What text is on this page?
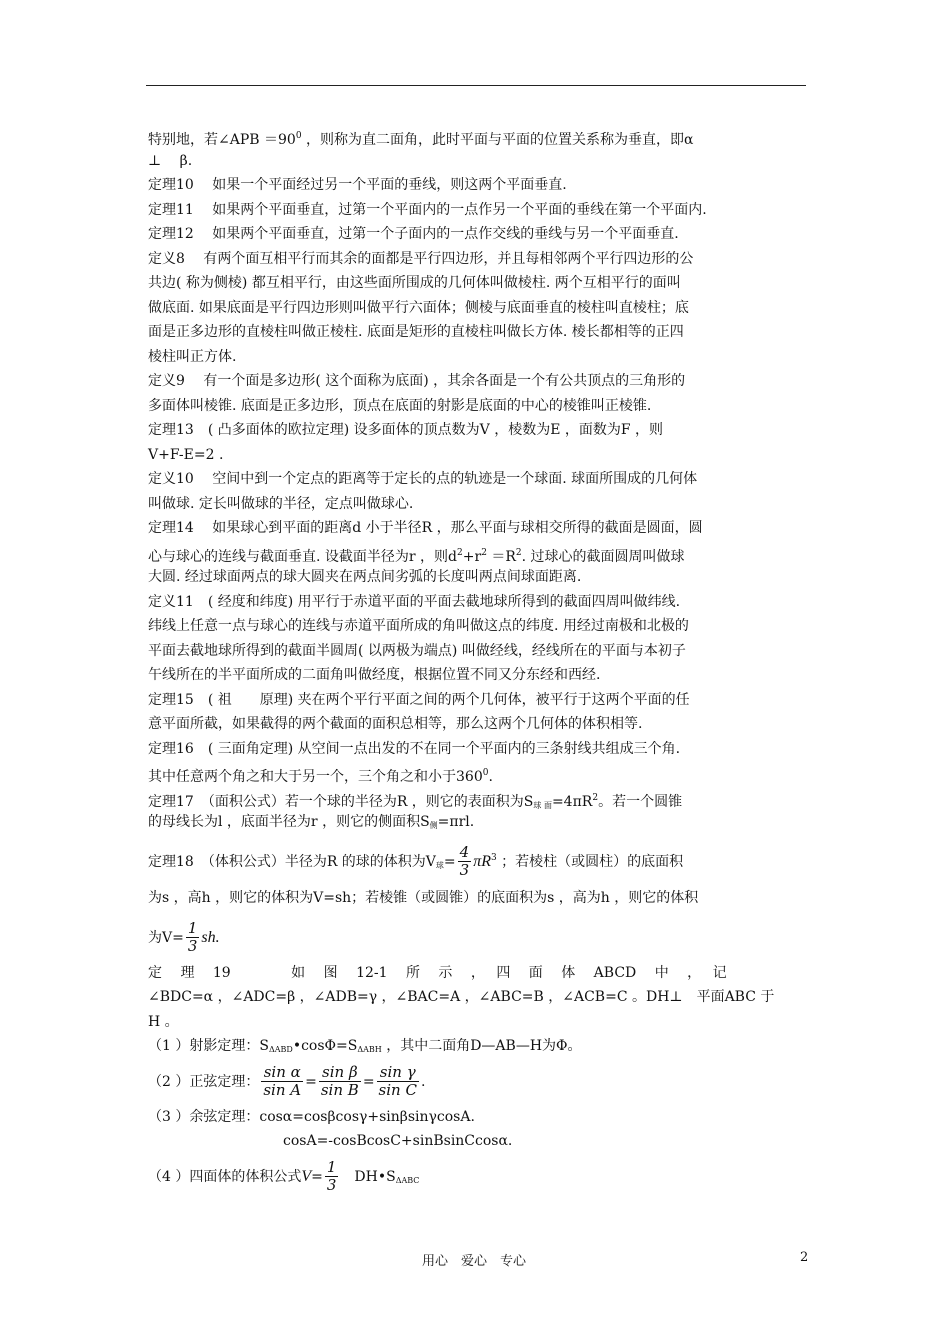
特别地，若∠APB $=90^0$ ，则称为直二面角，此时平面与平面的位置关系称为垂直，即α
⊥　 β.
定理10　 如果一个平面经过另一个平面的垂线，则这两个平面垂直.
定理11　 如果两个平面垂直，过第一个平面内的一点作另一个平面的垂线在第一个平面内.
定理12　 如果两个平面垂直，过第一个子面内的一点作交线的垂线与另一个平面垂直.
定义8　 有两个面互相平行而其余的面都是平行四边形，并且每相邻两个平行四边形的公
共边( 称为侧棱) 都互相平行，由这些面所围成的几何体叫做棱柱. 两个互相平行的面叫
做底面. 如果底面是平行四边形则叫做平行六面体；侧棱与底面垂直的棱柱叫直棱柱；底
面是正多边形的直棱柱叫做正棱柱. 底面是矩形的直棱柱叫做长方体. 棱长都相等的正四
棱柱叫正方体.
定义9　 有一个面是多边形( 这个面称为底面) ，其余各面是一个有公共顶点的三角形的
多面体叫棱锥. 底面是正多边形，顶点在底面的射影是底面的中心的棱锥叫正棱锥.
定理13　( 凸多面体的欧拉定理) 设多面体的顶点数为V ，棱数为E ，面数为F ，则
V+F-E=2 .
定义10　 空间中到一个定点的距离等于定长的点的轨迹是一个球面. 球面所围成的几何体
叫做球. 定长叫做球的半径，定点叫做球心.
定理14　 如果球心到平面的距离d 小于半径R ，那么平面与球相交所得的截面是圆面，圆
心与球心的连线与截面垂直. 设截面半径为r ，则$d^2+r^2 =R^2$. 过球心的截面圆周叫做球
大圆. 经过球面两点的球大圆夹在两点间劣弧的长度叫两点间球面距离.
定义11　( 经度和纬度) 用平行于赤道平面的平面去截地球所得到的截面四周叫做纬线.
纬线上任意一点与球心的连线与赤道平面所成的角叫做这点的纬度. 用经过南极和北极的
平面去截地球所得到的截面半圆周( 以两极为端点) 叫做经线，经线所在的平面与本初子
午线所在的半平面所成的二面角叫做经度，根据位置不同又分东经和西经.
定理15　( 祖　　原理) 夹在两个平行平面之间的两个几何体，被平行于这两个平面的任
意平面所截，如果截得的两个截面的面积总相等，那么这两个几何体的体积相等.
定理16　( 三面角定理) 从空间一点出发的不在同一个平面内的三条射线共组成三个角.
其中任意两个角之和大于另一个，三个角之和小于$360^0$.
定理17　（面积公式）若一个球的半径为R ，则它的表面积为$S_{球 面}=4\pi R^2$。若一个圆锥
的母线长为l ，底面半径为r ，则它的侧面积$S_侧=\pi rl$.
定理18　（体积公式）半径为R 的球的体积为$V_球= \frac{4}{3} \pi R^3$ ；若棱柱（或圆柱）的底面积
为s ，高h ，则它的体积为V=sh；若棱锥（或圆锥）的底面积为s ，高为h ，则它的体积
为$V= \frac{1}{3}$ sh.
定　 理　 19　　　　 如　 图　 12-1　 所　 示　 ，　 四　 面　 体　 ABCD　 中　 ，　 记
∠BDC=α ，∠ADC=β ，∠ADB=γ ，∠BAC=A ，∠ABC=B ，∠ACB=C 。DH⊥　平面ABC 于
H 。
（1 ）射影定理：$S_{\Delta ABD}•\cos\Phi=S_{\Delta ABH}$ ，其中二面角D—AB—H为Φ。
（2 ）正弦定理： $\frac{\text{sin α}}{\text{sin A}} = \frac{\text{sin β}}{\text{sin B}} = \frac{\text{sin γ}}{\text{sin C}}$ .
（3 ）余弦定理：cosα=cosβcosγ+sinβsinγcosA.
cosA=-cosBcosC+sinBsinCcosα.
（4 ）四面体的体积公式$V= \frac{1}{3}$ 　$DH•S_{\Delta ABC}$
用心　爱心　专心	2
